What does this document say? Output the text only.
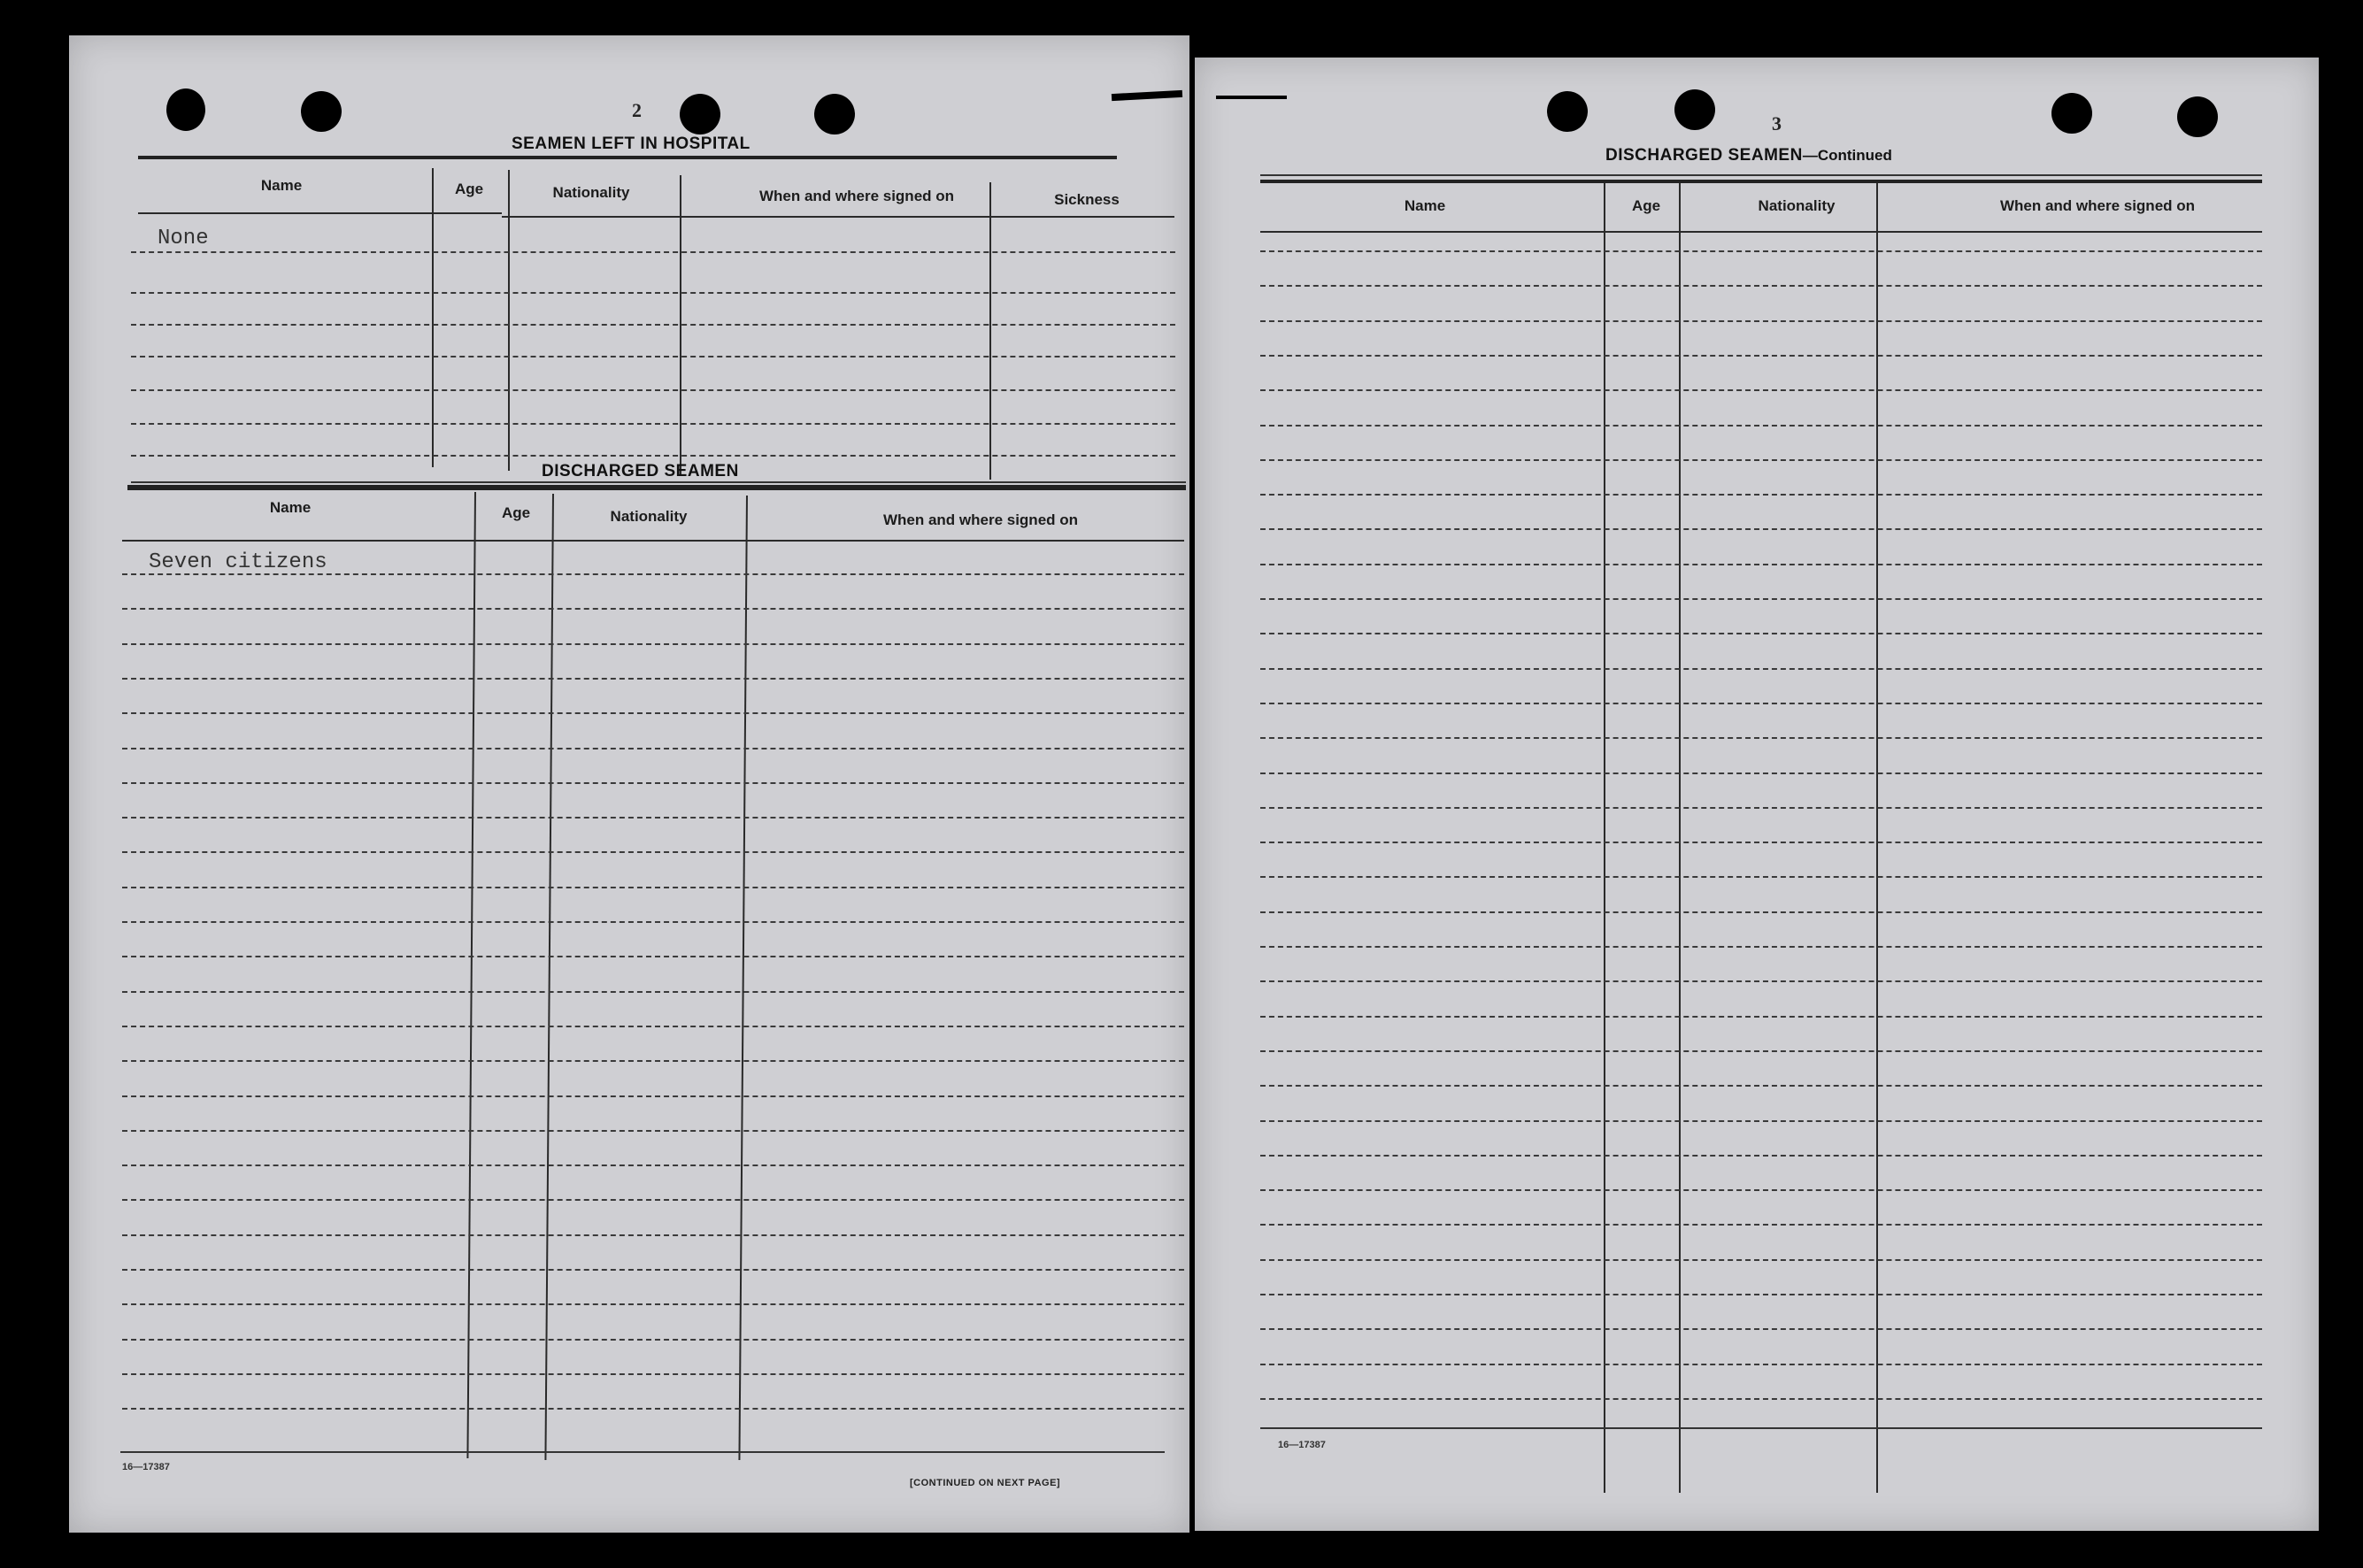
2
SEAMEN LEFT IN HOSPITAL
Name	Age	Nationality	When and where signed on	Sickness
None
DISCHARGED SEAMEN
Name	Age	Nationality	When and where signed on
Seven citizens
16—17387
[CONTINUED ON NEXT PAGE]
3
DISCHARGED SEAMEN—Continued
Name	Age	Nationality	When and where signed on
16—17387
